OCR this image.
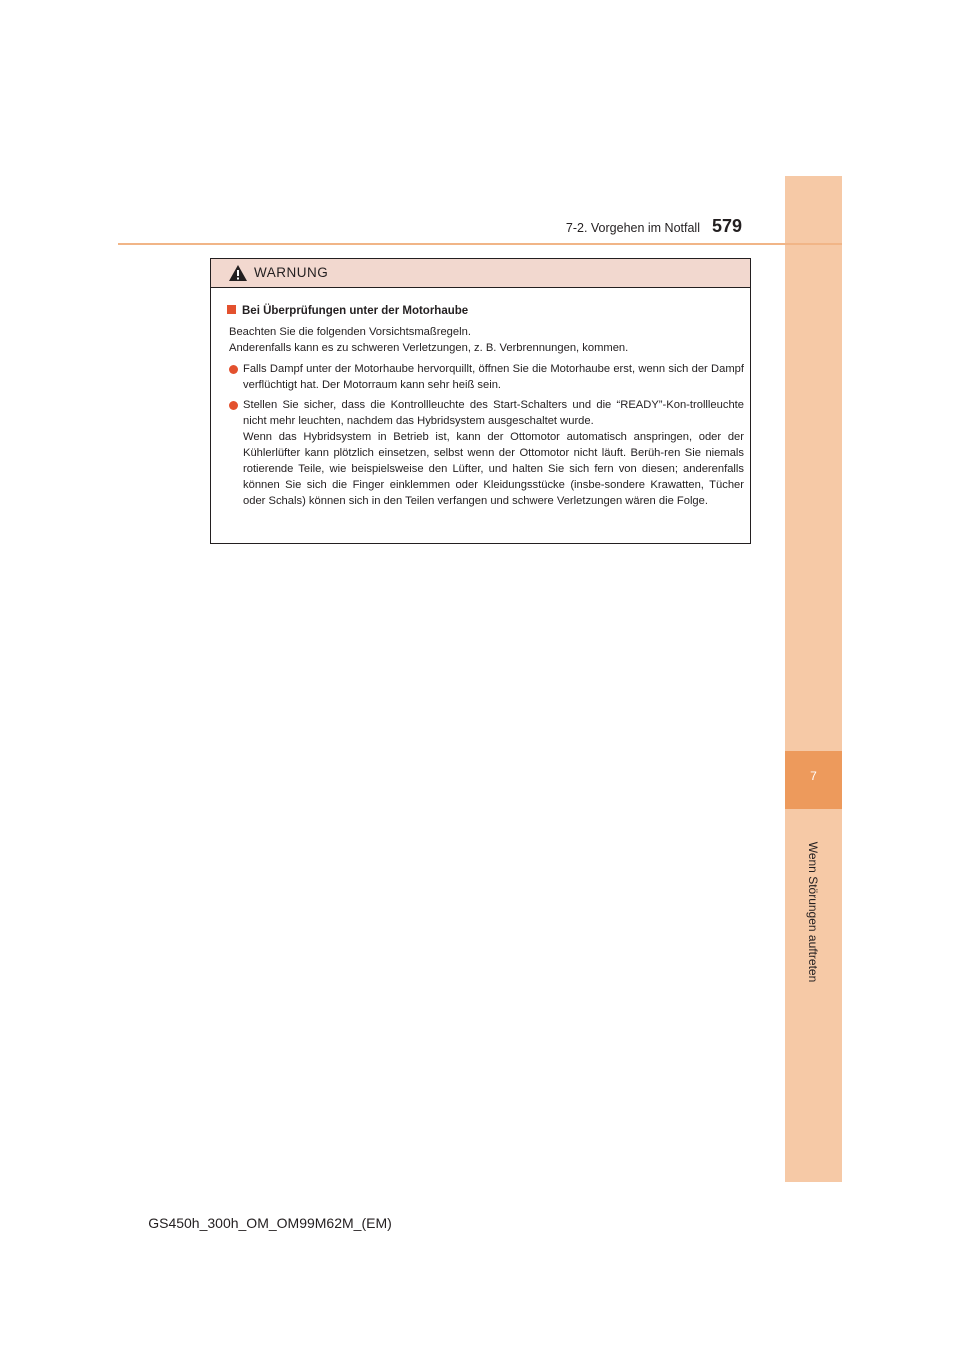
7
Wenn Störungen auftreten
7-2. Vorgehen im Notfall 579
WARNUNG
Bei Überprüfungen unter der Motorhaube

Beachten Sie die folgenden Vorsichtsmaßregeln.

Anderenfalls kann es zu schweren Verletzungen, z. B. Verbrennungen, kommen.

Falls Dampf unter der Motorhaube hervorquillt, öffnen Sie die Motorhaube erst, wenn sich der Dampf verflüchtigt hat. Der Motorraum kann sehr heiß sein.

Stellen Sie sicher, dass die Kontrollleuchte des Start-Schalters und die “READY”-Kon-trollleuchte nicht mehr leuchten, nachdem das Hybridsystem ausgeschaltet wurde.

Wenn das Hybridsystem in Betrieb ist, kann der Ottomotor automatisch anspringen, oder der Kühlerlüfter kann plötzlich einsetzen, selbst wenn der Ottomotor nicht läuft. Berüh-ren Sie niemals rotierende Teile, wie beispielsweise den Lüfter, und halten Sie sich fern von diesen; anderenfalls können Sie sich die Finger einklemmen oder Kleidungsstücke (insbe-sondere Krawatten, Tücher oder Schals) können sich in den Teilen verfangen und schwere Verletzungen wären die Folge.

GS450h_300h_OM_OM99M62M_(EM)
